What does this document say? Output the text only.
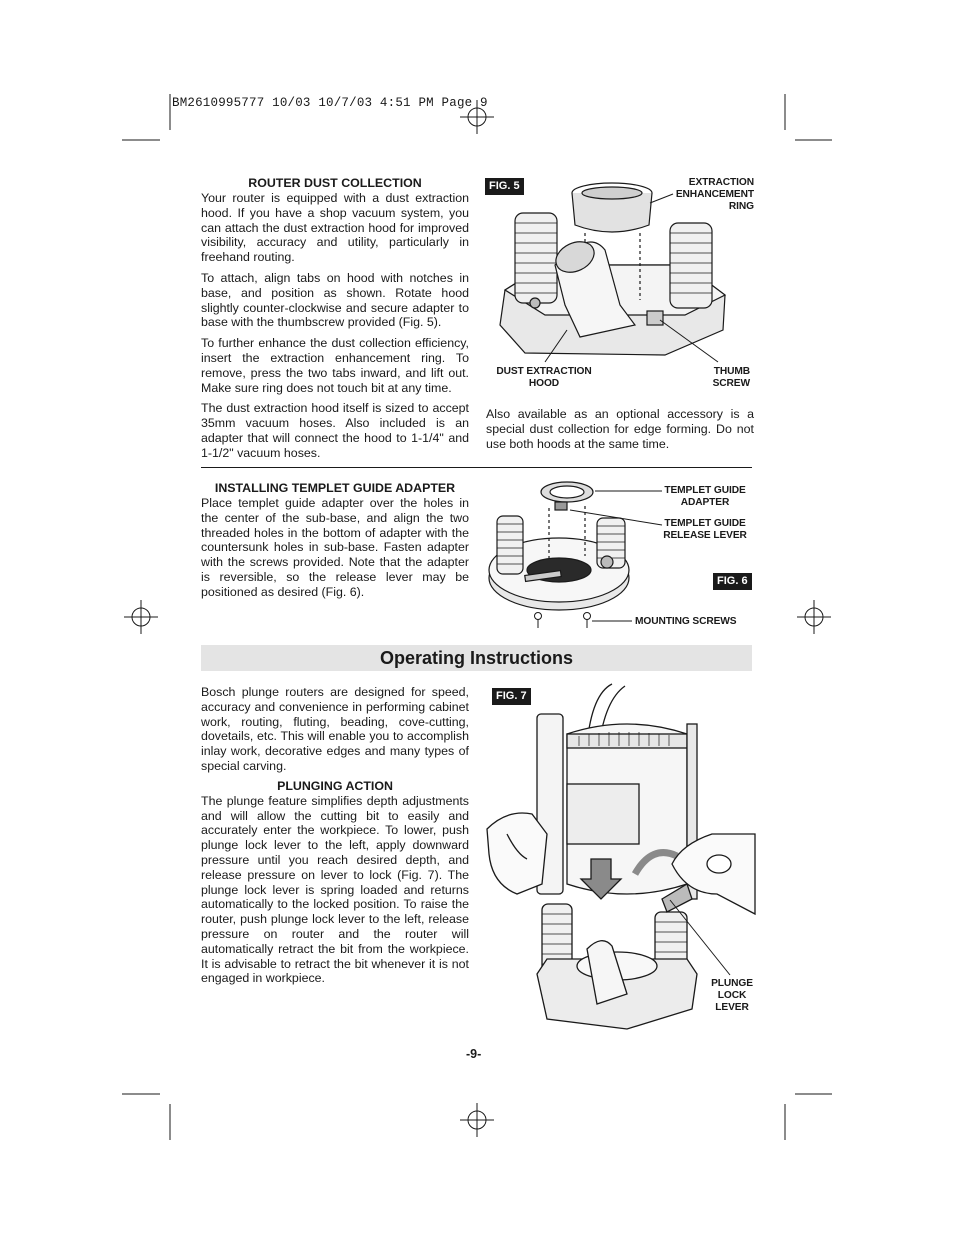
BM2610995777 10/03 10/7/03 4:51 PM Page 9

ROUTER DUST COLLECTION

Your router is equipped with a dust extraction hood. If you have a shop vacuum system, you can attach the dust extraction hood for improved visibility, accuracy and utility, particularly in freehand routing.

To attach, align tabs on hood with notches in base, and position as shown. Rotate hood slightly counter-clockwise and secure adapter to base with the thumbscrew provided (Fig. 5).

To further enhance the dust collection efficiency, insert the extraction enhancement ring. To remove, press the two tabs inward, and lift out. Make sure ring does not touch bit at any time.

The dust extraction hood itself is sized to accept 35mm vacuum hoses. Also included is an adapter that will connect the hood to 1-1/4" and 1-1/2" vacuum hoses.

FIG. 5	EXTRACTION ENHANCEMENT RING
DUST EXTRACTION HOOD
THUMB SCREW
Also available as an optional accessory is a special dust collection for edge forming. Do not use both hoods at the same time.

INSTALLING TEMPLET GUIDE ADAPTER

Place templet guide adapter over the holes in the center of the sub-base, and align the two threaded holes in the bottom of adapter with the countersunk holes in sub-base. Fasten adapter with the screws provided. Note that the adapter is reversible, so the release lever may be positioned as desired (Fig. 6).

TEMPLET GUIDE ADAPTER
TEMPLET GUIDE RELEASE LEVER
FIG. 6
MOUNTING SCREWS
Operating Instructions

Bosch plunge routers are designed for speed, accuracy and convenience in performing cabinet work, routing, fluting, beading, cove-cutting, dovetails, etc. This will enable you to accomplish inlay work, decorative edges and many types of special carving.

PLUNGING ACTION

The plunge feature simplifies depth adjustments and will allow the cutting bit to easily and accurately enter the workpiece. To lower, push plunge lock lever to the left, apply downward pressure until you reach desired depth, and release pressure on lever to lock (Fig. 7). The plunge lock lever is spring loaded and returns automatically to the locked position. To raise the router, push plunge lock lever to the left, release pressure on router and the router will automatically retract the bit from the workpiece. It is advisable to retract the bit whenever it is not engaged in workpiece.

FIG. 7
PLUNGE LOCK LEVER
-9-
